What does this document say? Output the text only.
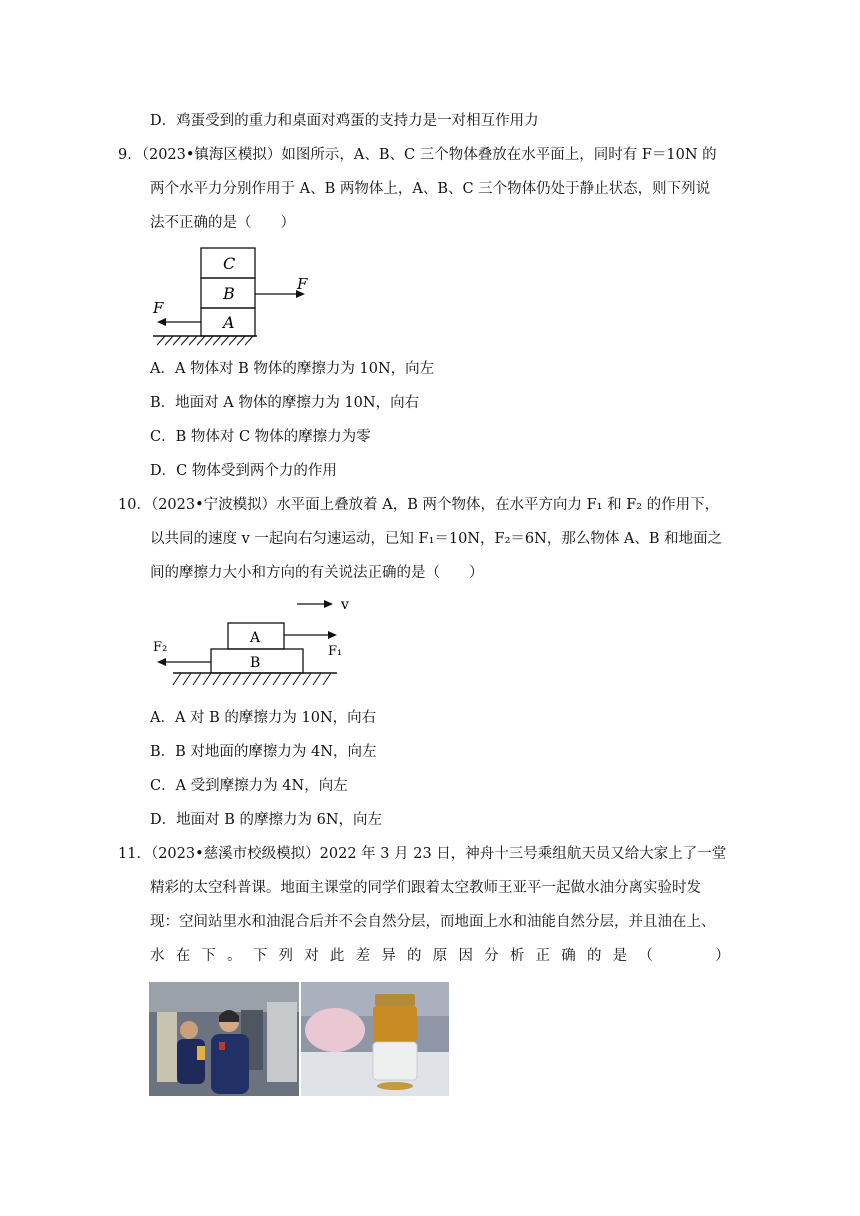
D．鸡蛋受到的重力和桌面对鸡蛋的支持力是一对相互作用力
9．（2023•镇海区模拟）如图所示，A、B、C 三个物体叠放在水平面上，同时有 F＝10N 的
两个水平力分别作用于 A、B 两物体上，A、B、C 三个物体仍处于静止状态，则下列说
法不正确的是（　　）
C
B
A
F
F
A．A 物体对 B 物体的摩擦力为 10N，向左
B．地面对 A 物体的摩擦力为 10N，向右
C．B 物体对 C 物体的摩擦力为零
D．C 物体受到两个力的作用
10．（2023•宁波模拟）水平面上叠放着 A，B 两个物体，在水平方向力 F₁ 和 F₂ 的作用下，
以共同的速度 v 一起向右匀速运动，已知 F₁＝10N，F₂＝6N，那么物体 A、B 和地面之
间的摩擦力大小和方向的有关说法正确的是（　　）
v
A
B
F₁
F₂
A．A 对 B 的摩擦力为 10N，向右
B．B 对地面的摩擦力为 4N，向左
C．A 受到摩擦力为 4N，向左
D．地面对 B 的摩擦力为 6N，向左
11．（2023•慈溪市校级模拟）2022 年 3 月 23 日，神舟十三号乘组航天员又给大家上了一堂
精彩的太空科普课。地面主课堂的同学们跟着太空教师王亚平一起做水油分离实验时发
现：空间站里水和油混合后并不会自然分层，而地面上水和油能自然分层，并且油在上、
水 在 下 。 下 列 对 此 差 异 的 原 因 分 析 正 确 的 是 （	）
